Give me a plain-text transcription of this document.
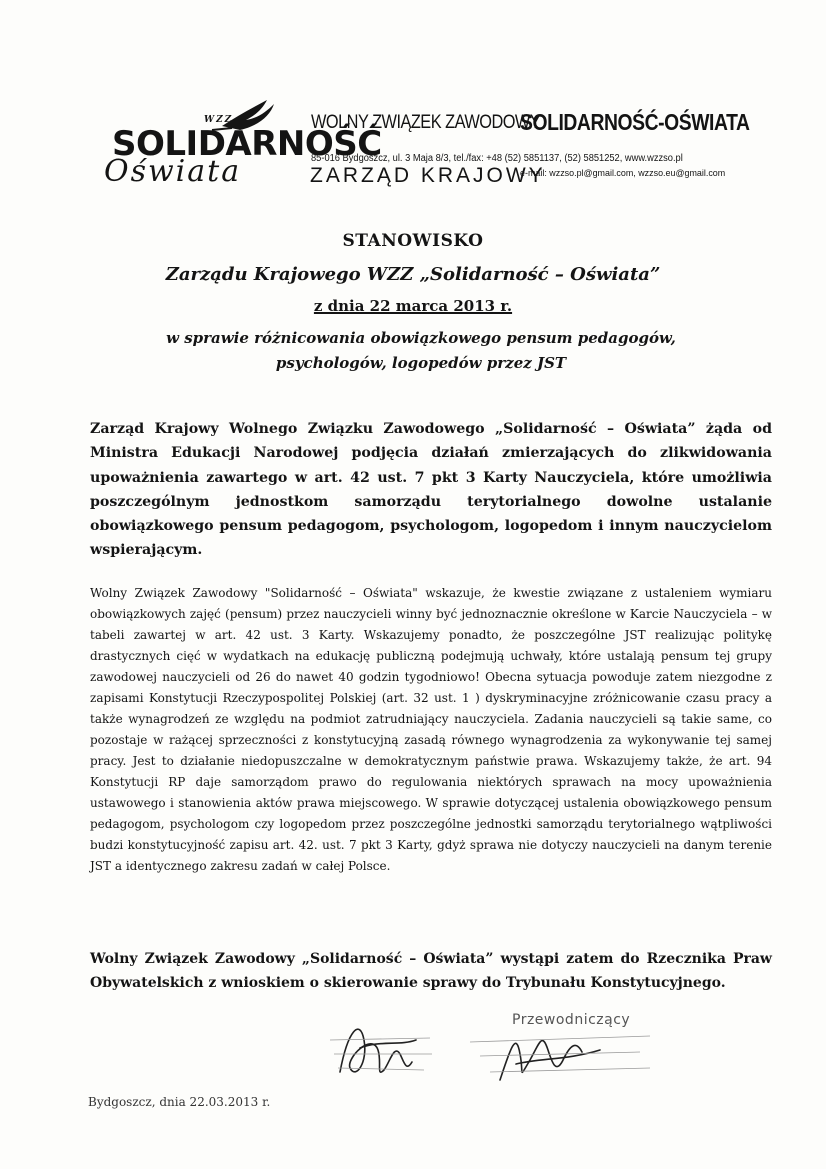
WZZ
SOLIDARNOŚĆ
Oświata
WOLNY ZWIĄZEK ZAWODOWY
SOLIDARNOŚĆ-OŚWIATA
85-016 Bydgoszcz, ul. 3 Maja 8/3, tel./fax: +48 (52) 5851137, (52) 5851252, www.wzzso.pl
ZARZĄD KRAJOWY
e-mail: wzzso.pl@gmail.com, wzzso.eu@gmail.com
STANOWISKO
Zarządu Krajowego WZZ „Solidarność – Oświata”
z dnia 22 marca 2013 r.
w sprawie różnicowania obowiązkowego pensum pedagogów,
psychologów, logopedów przez JST

Zarząd Krajowy Wolnego Związku Zawodowego „Solidarność – Oświata” żąda od Ministra Edukacji Narodowej podjęcia działań zmierzających do zlikwidowania upoważnienia zawartego w art. 42 ust. 7 pkt 3 Karty Nauczyciela, które umożliwia poszczególnym jednostkom samorządu terytorialnego dowolne ustalanie obowiązkowego pensum pedagogom, psychologom, logopedom i innym nauczycielom wspierającym.

Wolny Związek Zawodowy "Solidarność – Oświata" wskazuje, że kwestie związane z ustaleniem wymiaru obowiązkowych zajęć (pensum) przez nauczycieli winny być jednoznacznie określone w Karcie Nauczyciela – w tabeli zawartej w art. 42 ust. 3 Karty. Wskazujemy ponadto, że poszczególne JST realizując politykę drastycznych cięć w wydatkach na edukację publiczną podejmują uchwały, które ustalają pensum tej grupy zawodowej nauczycieli od 26 do nawet 40 godzin tygodniowo! Obecna sytuacja powoduje zatem niezgodne z zapisami Konstytucji Rzeczypospolitej Polskiej (art. 32 ust. 1 ) dyskryminacyjne zróżnicowanie czasu pracy a także wynagrodzeń ze względu na podmiot zatrudniający nauczyciela. Zadania nauczycieli są takie same, co pozostaje w rażącej sprzeczności z konstytucyjną zasadą równego wynagrodzenia za wykonywanie tej samej pracy. Jest to działanie niedopuszczalne w demokratycznym państwie prawa. Wskazujemy także, że art. 94 Konstytucji RP daje samorządom prawo do regulowania niektórych sprawach na mocy upoważnienia ustawowego i stanowienia aktów prawa miejscowego. W sprawie dotyczącej ustalenia obowiązkowego pensum pedagogom, psychologom czy logopedom przez poszczególne jednostki samorządu terytorialnego wątpliwości budzi konstytucyjność zapisu art. 42. ust. 7 pkt 3 Karty, gdyż sprawa nie dotyczy nauczycieli na danym terenie JST a identycznego zakresu zadań w całej Polsce.

Wolny Związek Zawodowy „Solidarność – Oświata” wystąpi zatem do Rzecznika Praw Obywatelskich z wnioskiem o skierowanie sprawy do Trybunału Konstytucyjnego.

Przewodniczący
Bydgoszcz, dnia 22.03.2013 r.
